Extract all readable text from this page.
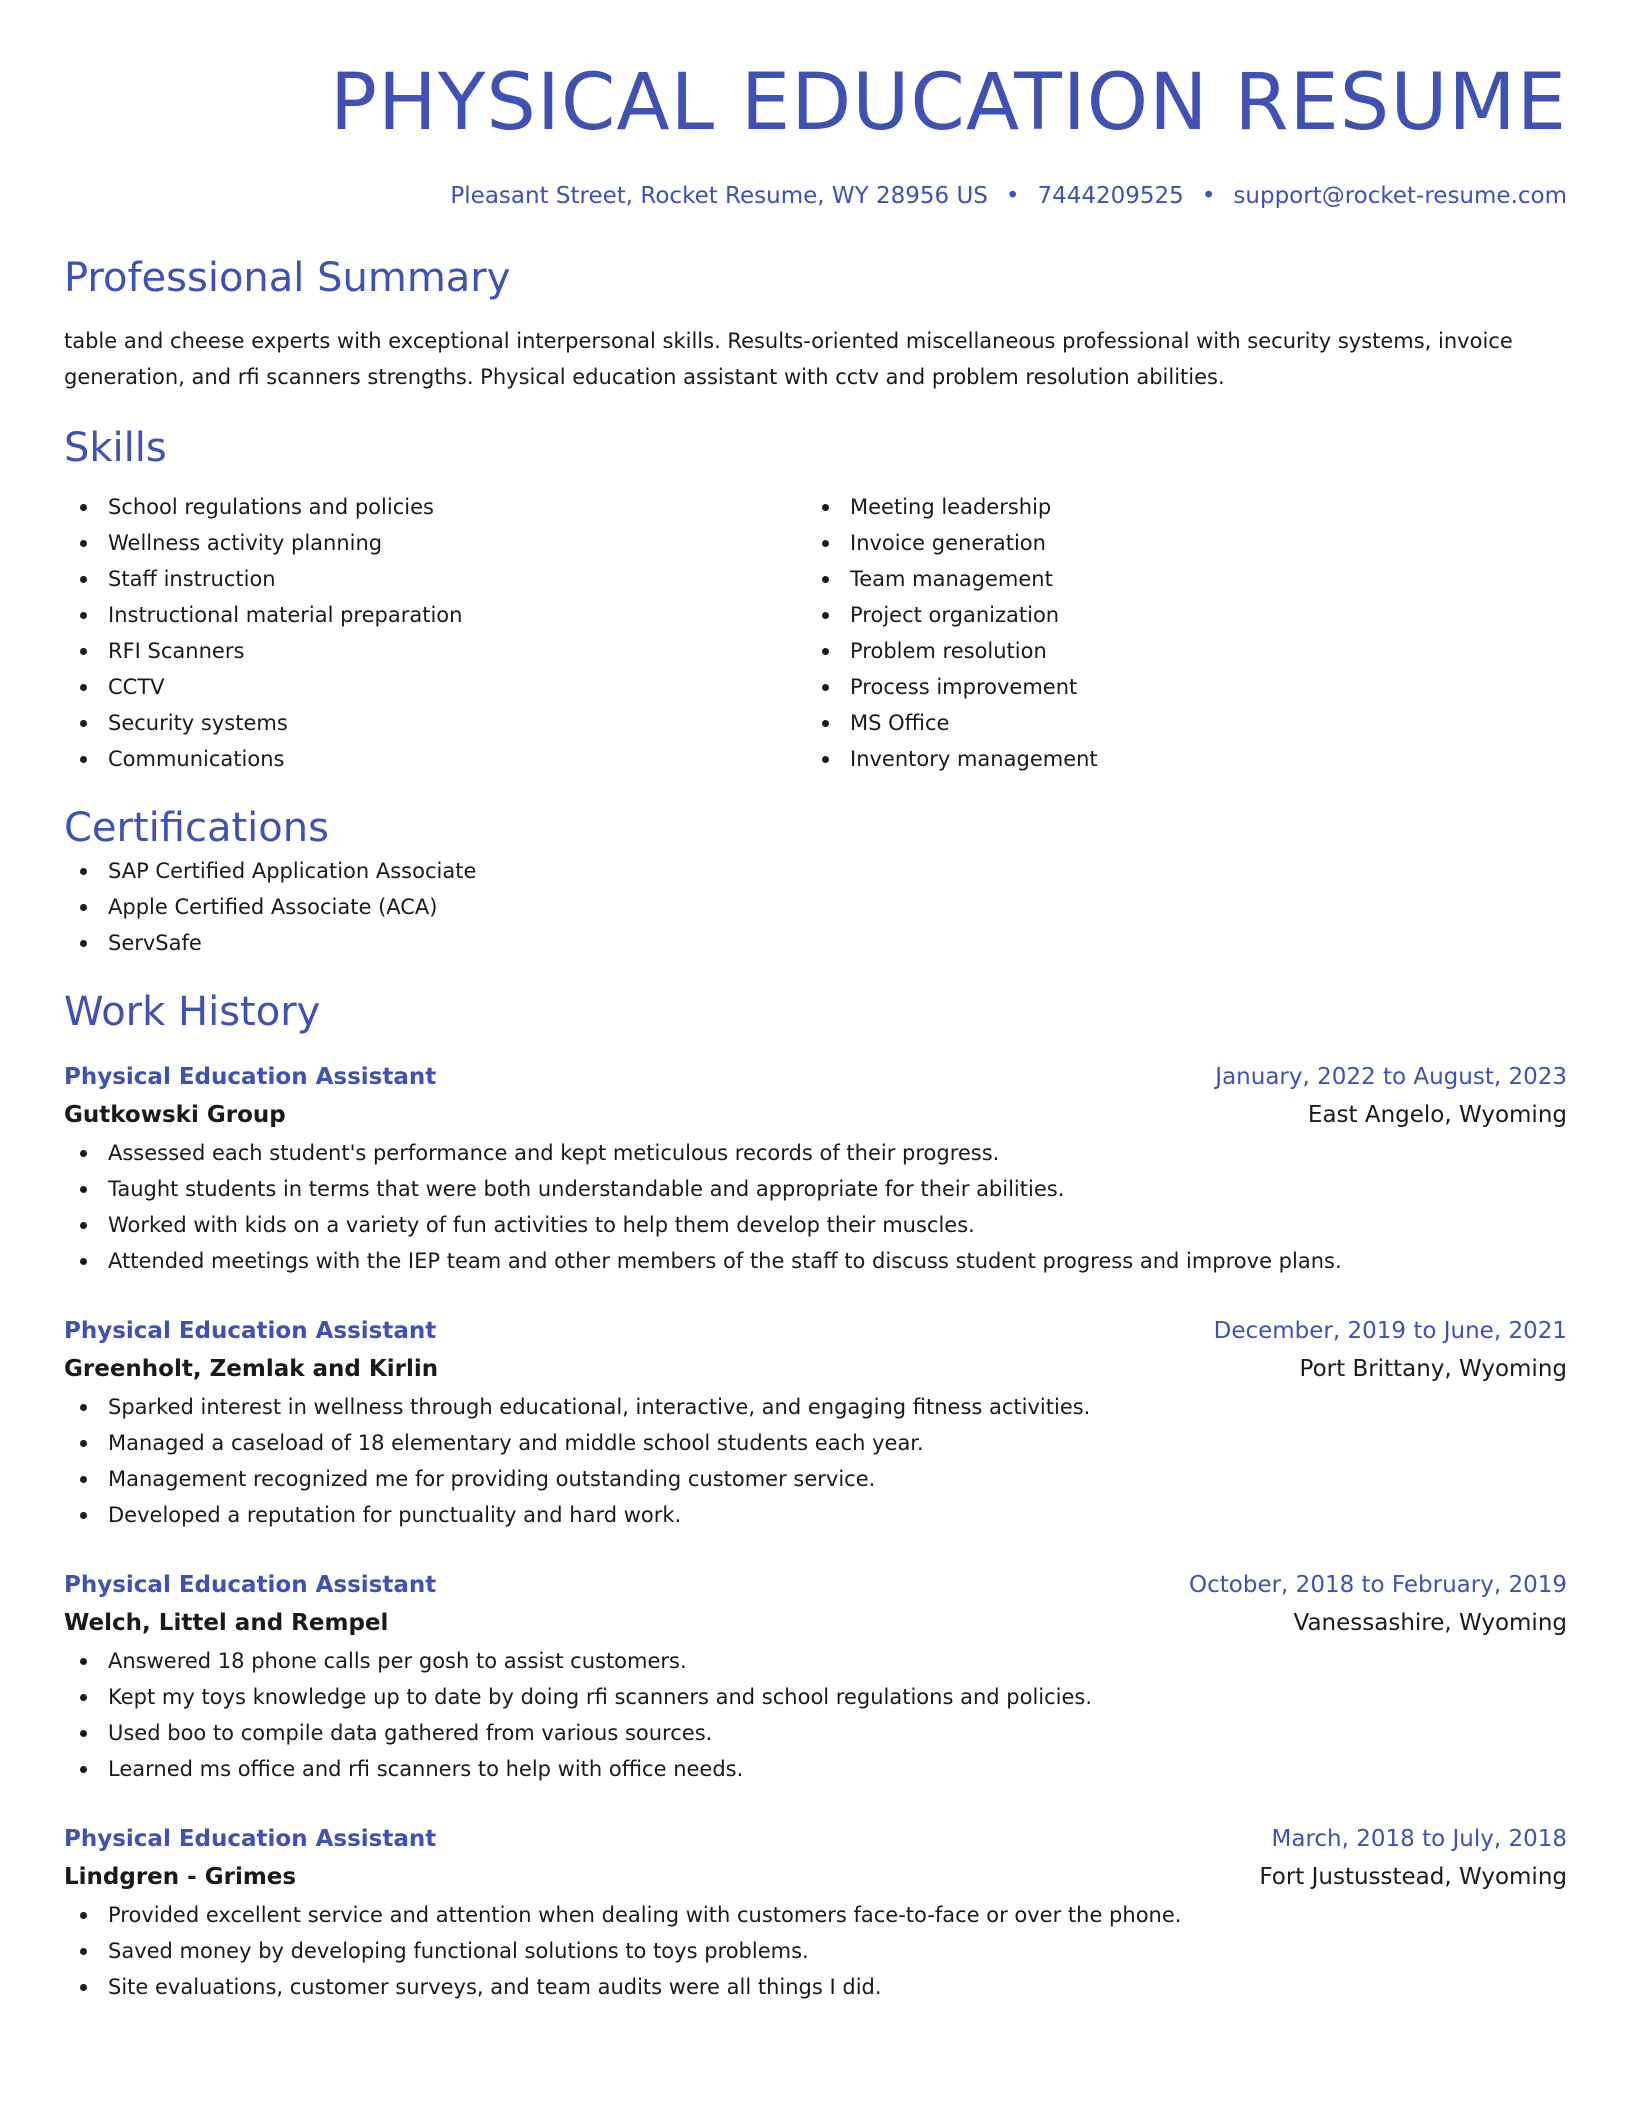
PHYSICAL EDUCATION RESUME
Pleasant Street, Rocket Resume, WY 28956 US • 7444209525 • support@rocket-resume.com
Professional Summary

table and cheese experts with exceptional interpersonal skills. Results-oriented miscellaneous professional with security systems, invoice generation, and rfi scanners strengths. Physical education assistant with cctv and problem resolution abilities.

Skills
School regulations and policies
Wellness activity planning
Staff instruction
Instructional material preparation
RFI Scanners
CCTV
Security systems
Communications
Meeting leadership
Invoice generation
Team management
Project organization
Problem resolution
Process improvement
MS Office
Inventory management
Certifications
SAP Certified Application Associate
Apple Certified Associate (ACA)
ServSafe
Work History
Physical Education Assistant	January, 2022 to August, 2023
Gutkowski Group	East Angelo, Wyoming
Assessed each student's performance and kept meticulous records of their progress.
Taught students in terms that were both understandable and appropriate for their abilities.
Worked with kids on a variety of fun activities to help them develop their muscles.
Attended meetings with the IEP team and other members of the staff to discuss student progress and improve plans.
Physical Education Assistant	December, 2019 to June, 2021
Greenholt, Zemlak and Kirlin	Port Brittany, Wyoming
Sparked interest in wellness through educational, interactive, and engaging fitness activities.
Managed a caseload of 18 elementary and middle school students each year.
Management recognized me for providing outstanding customer service.
Developed a reputation for punctuality and hard work.
Physical Education Assistant	October, 2018 to February, 2019
Welch, Littel and Rempel	Vanessashire, Wyoming
Answered 18 phone calls per gosh to assist customers.
Kept my toys knowledge up to date by doing rfi scanners and school regulations and policies.
Used boo to compile data gathered from various sources.
Learned ms office and rfi scanners to help with office needs.
Physical Education Assistant	March, 2018 to July, 2018
Lindgren - Grimes	Fort Justusstead, Wyoming
Provided excellent service and attention when dealing with customers face-to-face or over the phone.
Saved money by developing functional solutions to toys problems.
Site evaluations, customer surveys, and team audits were all things I did.
